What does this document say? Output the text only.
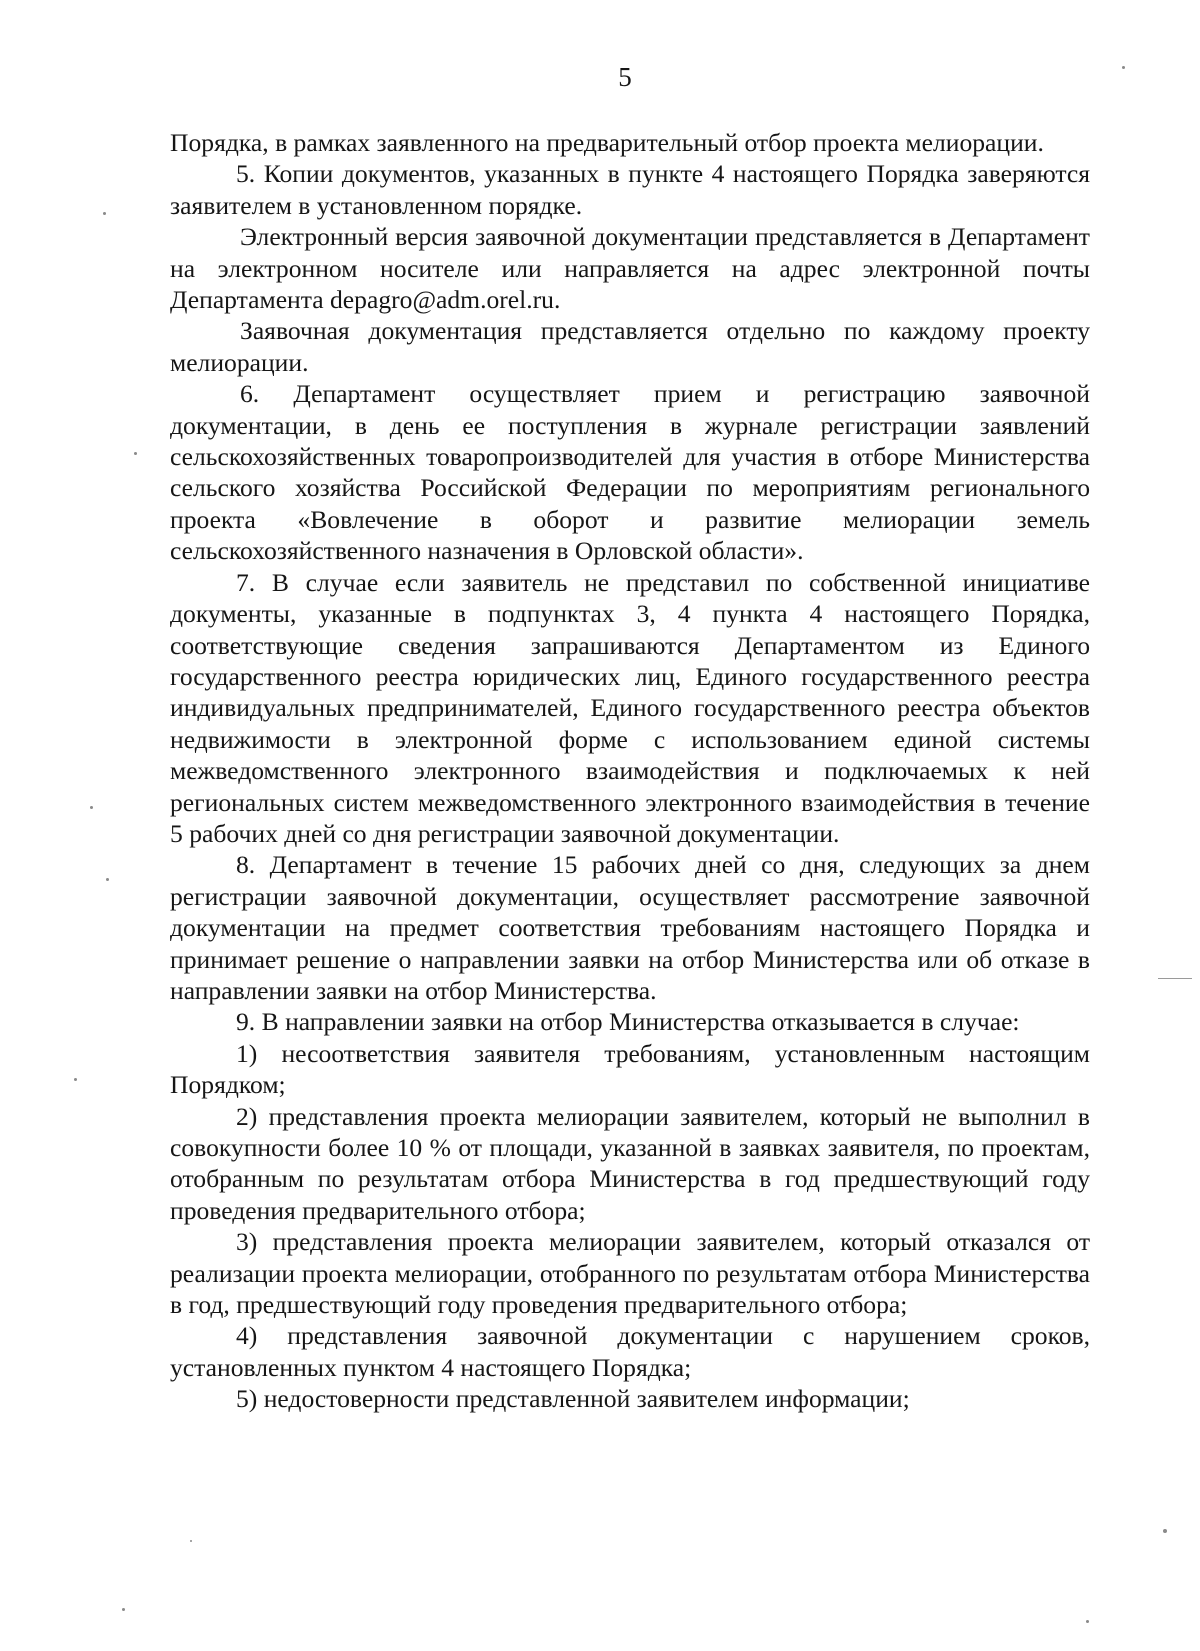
5

Порядка, в рамках заявленного на предварительный отбор проекта мелиорации.

5. Копии документов, указанных в пункте 4 настоящего Порядка заверяются заявителем в установленном порядке.

Электронный версия заявочной документации представляется в Департамент на электронном носителе или направляется на адрес электронной почты Департамента depagro@adm.orel.ru.

Заявочная документация представляется отдельно по каждому проекту мелиорации.

6. Департамент осуществляет прием и регистрацию заявочной документации, в день ее поступления в журнале регистрации заявлений сельскохозяйственных товаропроизводителей для участия в отборе Министерства сельского хозяйства Российской Федерации по мероприятиям регионального проекта «Вовлечение в оборот и развитие мелиорации земель сельскохозяйственного назначения в Орловской области».

7. В случае если заявитель не представил по собственной инициативе документы, указанные в подпунктах 3, 4 пункта 4 настоящего Порядка, соответствующие сведения запрашиваются Департаментом из Единого государственного реестра юридических лиц, Единого государственного реестра индивидуальных предпринимателей, Единого государственного реестра объектов недвижимости в электронной форме с использованием единой системы межведомственного электронного взаимодействия и подключаемых к ней региональных систем межведомственного электронного взаимодействия в течение 5 рабочих дней со дня регистрации заявочной документации.

8. Департамент в течение 15 рабочих дней со дня, следующих за днем регистрации заявочной документации, осуществляет рассмотрение заявочной документации на предмет соответствия требованиям настоящего Порядка и принимает решение о направлении заявки на отбор Министерства или об отказе в направлении заявки на отбор Министерства.

9. В направлении заявки на отбор Министерства отказывается в случае:

1) несоответствия заявителя требованиям, установленным настоящим Порядком;

2) представления проекта мелиорации заявителем, который не выполнил в совокупности более 10 % от площади, указанной в заявках заявителя, по проектам, отобранным по результатам отбора Министерства в год предшествующий году проведения предварительного отбора;

3) представления проекта мелиорации заявителем, который отказался от реализации проекта мелиорации, отобранного по результатам отбора Министерства в год, предшествующий году проведения предварительного отбора;

4) представления заявочной документации с нарушением сроков, установленных пунктом 4 настоящего Порядка;

5) недостоверности представленной заявителем информации;
